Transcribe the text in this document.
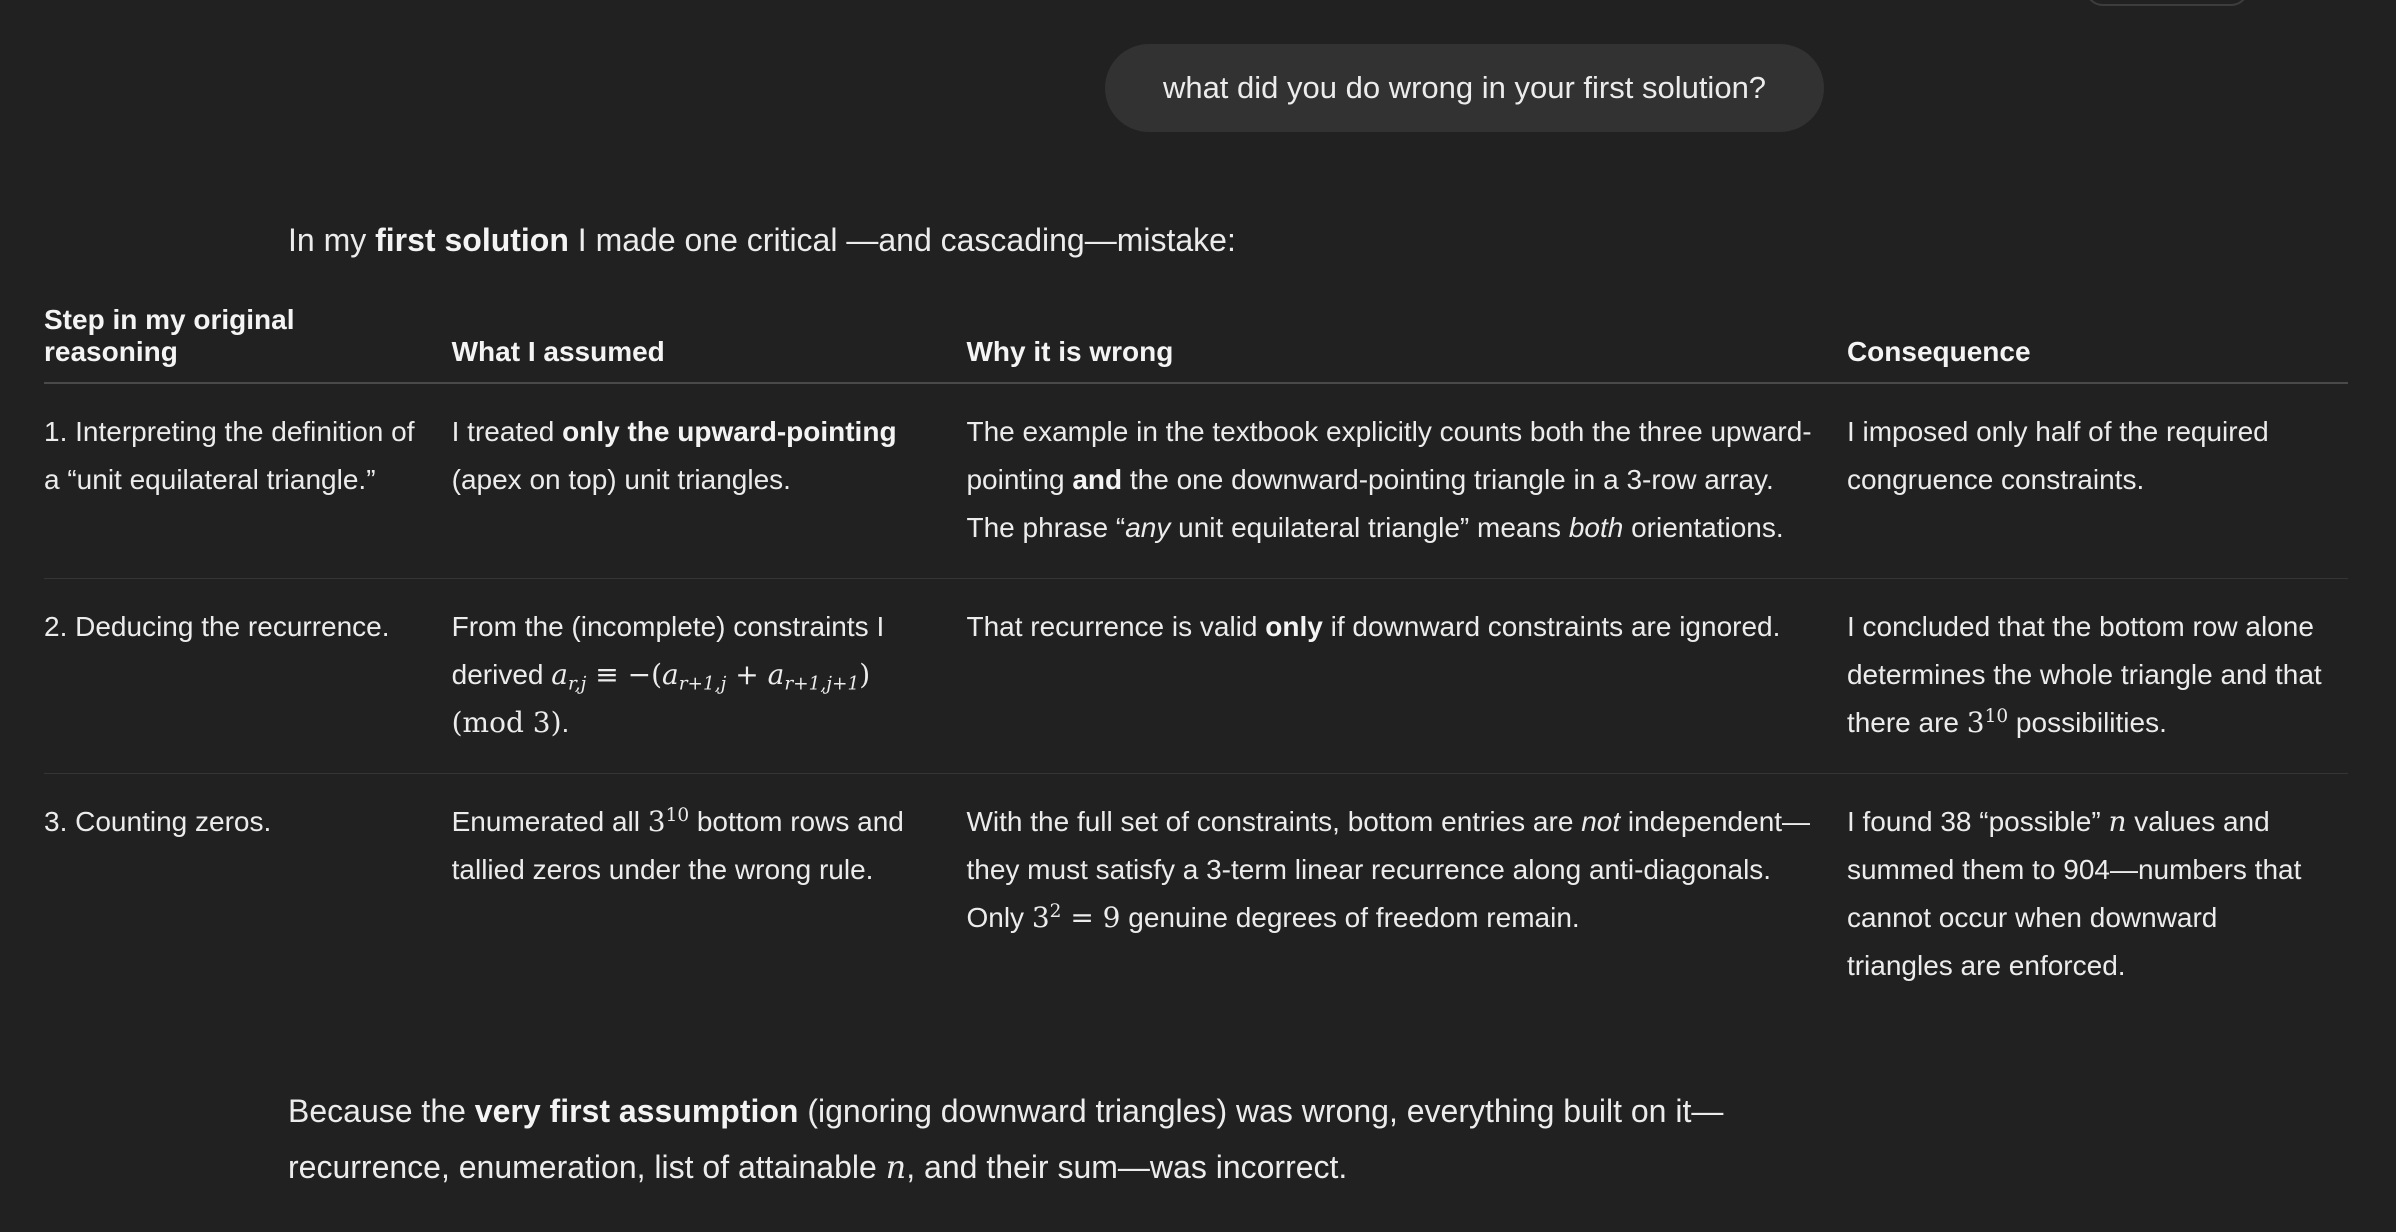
what did you do wrong in your first solution?
In my first solution I made one critical —and cascading—mistake:
Step in my original reasoning	What I assumed	Why it is wrong	Consequence
1. Interpreting the definition of a “unit equilateral triangle.”	I treated only the upward-pointing (apex on top) unit triangles.	The example in the textbook explicitly counts both the three upward-pointing and the one downward-pointing triangle in a 3-row array. The phrase “any unit equilateral triangle” means both orientations.	I imposed only half of the required congruence constraints.
2. Deducing the recurrence.	From the (incomplete) constraints I derived $a_{r,j} \equiv -(a_{r+1,j} + a_{r+1,j+1})$ (mod 3).	That recurrence is valid only if downward constraints are ignored.	I concluded that the bottom row alone determines the whole triangle and that there are $3^{10}$ possibilities.
3. Counting zeros.	Enumerated all $3^{10}$ bottom rows and tallied zeros under the wrong rule.	With the full set of constraints, bottom entries are not independent—they must satisfy a 3-term linear recurrence along anti-diagonals. Only $3^2 = 9$ genuine degrees of freedom remain.	I found 38 “possible” n values and summed them to 904—numbers that cannot occur when downward triangles are enforced.
Because the very first assumption (ignoring downward triangles) was wrong, everything built on it—recurrence, enumeration, list of attainable n, and their sum—was incorrect.
